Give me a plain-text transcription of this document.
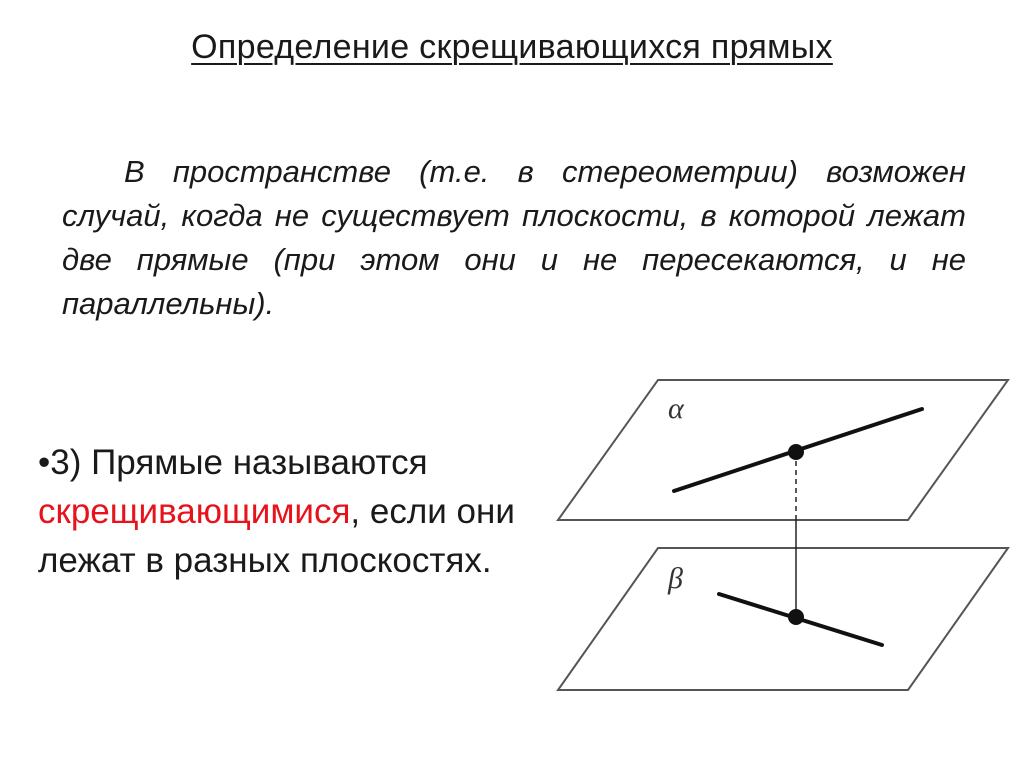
Определение скрещивающихся прямых

В пространстве (т.е. в стереометрии) возможен случай, когда не существует плоскости, в которой лежат две прямые (при этом они и не пересекаются, и не параллельны).

•3) Прямые называются скрещивающимися, если они лежат в разных плоскостях.

α
β
